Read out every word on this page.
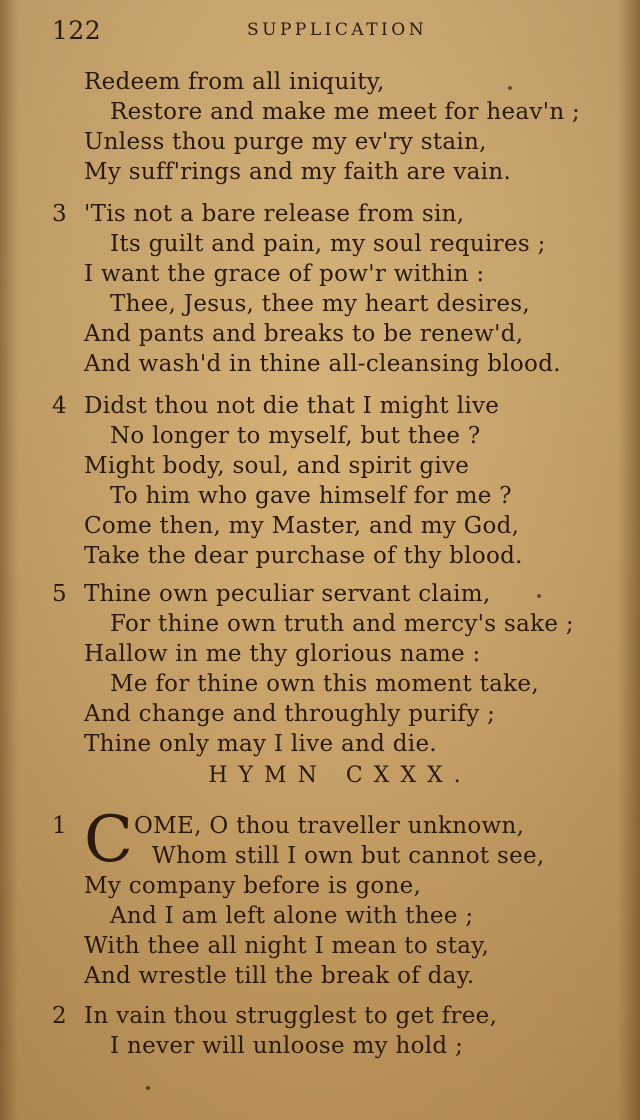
122	SUPPLICATION
Redeem from all iniquity,
Restore and make me meet for heav'n ;
Unless thou purge my ev'ry stain,
My suff'rings and my faith are vain.
3 'Tis not a bare release from sin,
Its guilt and pain, my soul requires ;
I want the grace of pow'r within :
Thee, Jesus, thee my heart desires,
And pants and breaks to be renew'd,
And wash'd in thine all-cleansing blood.
4 Didst thou not die that I might live
No longer to myself, but thee ?
Might body, soul, and spirit give
To him who gave himself for me ?
Come then, my Master, and my God,
Take the dear purchase of thy blood.
5 Thine own peculiar servant claim,
For thine own truth and mercy's sake ;
Hallow in me thy glorious name :
Me for thine own this moment take,
And change and throughly purify ;
Thine only may I live and die.
HYMN CXXX.
1 C OME, O thou traveller unknown,
Whom still I own but cannot see,
My company before is gone,
And I am left alone with thee ;
With thee all night I mean to stay,
And wrestle till the break of day.
2 In vain thou strugglest to get free,
I never will unloose my hold ;
